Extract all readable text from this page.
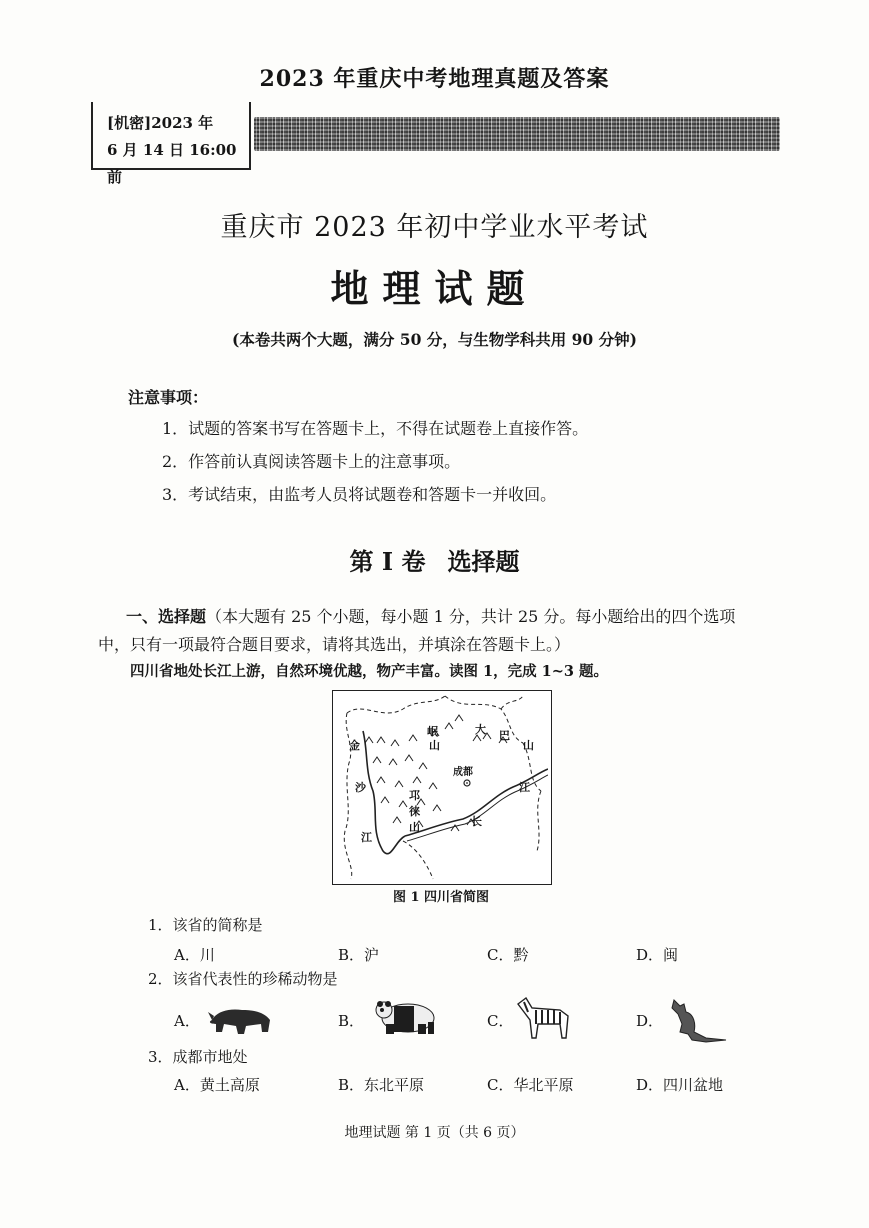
2023 年重庆中考地理真题及答案
[机密]2023 年
6 月 14 日 16:00 前
重庆市 2023 年初中学业水平考试
地理试题
(本卷共两个大题，满分 50 分，与生物学科共用 90 分钟)
注意事项：
1．试题的答案书写在答题卡上，不得在试题卷上直接作答。
2．作答前认真阅读答题卡上的注意事项。
3．考试结束，由监考人员将试题卷和答题卡一并收回。
第 I 卷 选择题
一、选择题（本大题有 25 个小题，每小题 1 分，共计 25 分。每小题给出的四个选项
中，只有一项最符合题目要求，请将其选出，并填涂在答题卡上。）
四川省地处长江上游，自然环境优越，物产丰富。读图 1，完成 1~3 题。
金
沙
江
岷
山
大 巴
山
邛
徕
山
成都
长
江
图 1 四川省简图
1．该省的简称是
A．川	B．沪	C．黔	D．闽
2．该省代表性的珍稀动物是
A．	B．	C．	D．
3．成都市地处
A．黄土高原	B．东北平原	C．华北平原	D．四川盆地
地理试题 第 1 页（共 6 页）
